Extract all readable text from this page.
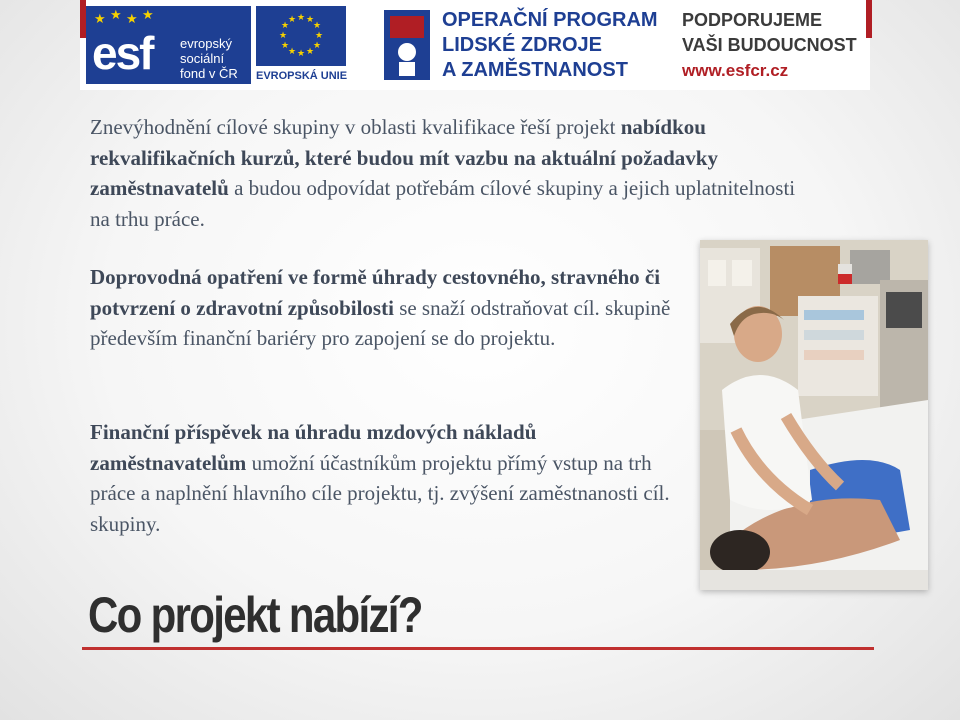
★ ★ ★ ★
esf evropský
sociální
fond v ČR
★ ★
★
★
★
★
★
★
★
★
★
★
EVROPSKÁ UNIE
OPERAČNÍ PROGRAM
LIDSKÉ ZDROJE
A ZAMĚSTNANOST
PODPORUJEME
VAŠI BUDOUCNOST
www.esfcr.cz

Znevýhodnění cílové skupiny v oblasti kvalifikace řeší projekt nabídkou rekvalifikačních kurzů, které budou mít vazbu na aktuální požadavky zaměstnavatelů a budou odpovídat potřebám cílové skupiny a jejich uplatnitelnosti na trhu práce.

Doprovodná opatření ve formě úhrady cestovného, stravného či potvrzení o zdravotní způsobilosti se snaží odstraňovat cíl. skupině především finanční bariéry pro zapojení se do projektu.

Finanční příspěvek na úhradu mzdových nákladů zaměstnavatelům umožní účastníkům projektu přímý vstup na trh práce a naplnění hlavního cíle projektu, tj. zvýšení zaměstnanosti cíl. skupiny.

Co projekt nabízí?
